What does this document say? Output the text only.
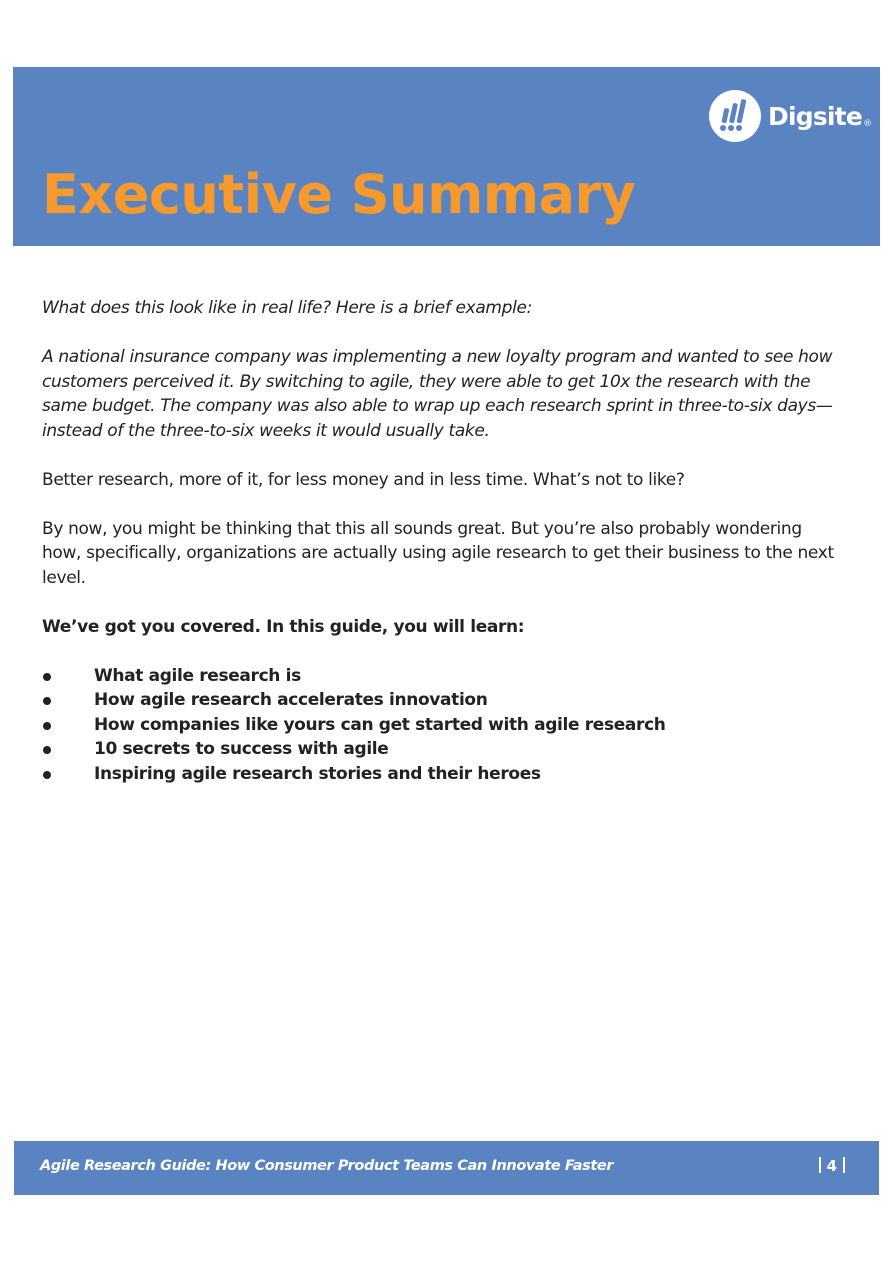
Digsite ®
Executive Summary

What does this look like in real life? Here is a brief example:

A national insurance company was implementing a new loyalty program and wanted to see how customers perceived it. By switching to agile, they were able to get 10x the research with the same budget. The company was also able to wrap up each research sprint in three-to-six days—instead of the three-to-six weeks it would usually take.

Better research, more of it, for less money and in less time. What’s not to like?

By now, you might be thinking that this all sounds great. But you’re also probably wondering how, specifically, organizations are actually using agile research to get their business to the next level.

We’ve got you covered. In this guide, you will learn:

What agile research is
How agile research accelerates innovation
How companies like yours can get started with agile research
10 secrets to success with agile
Inspiring agile research stories and their heroes
Agile Research Guide: How Consumer Product Teams Can Innovate Faster	4
